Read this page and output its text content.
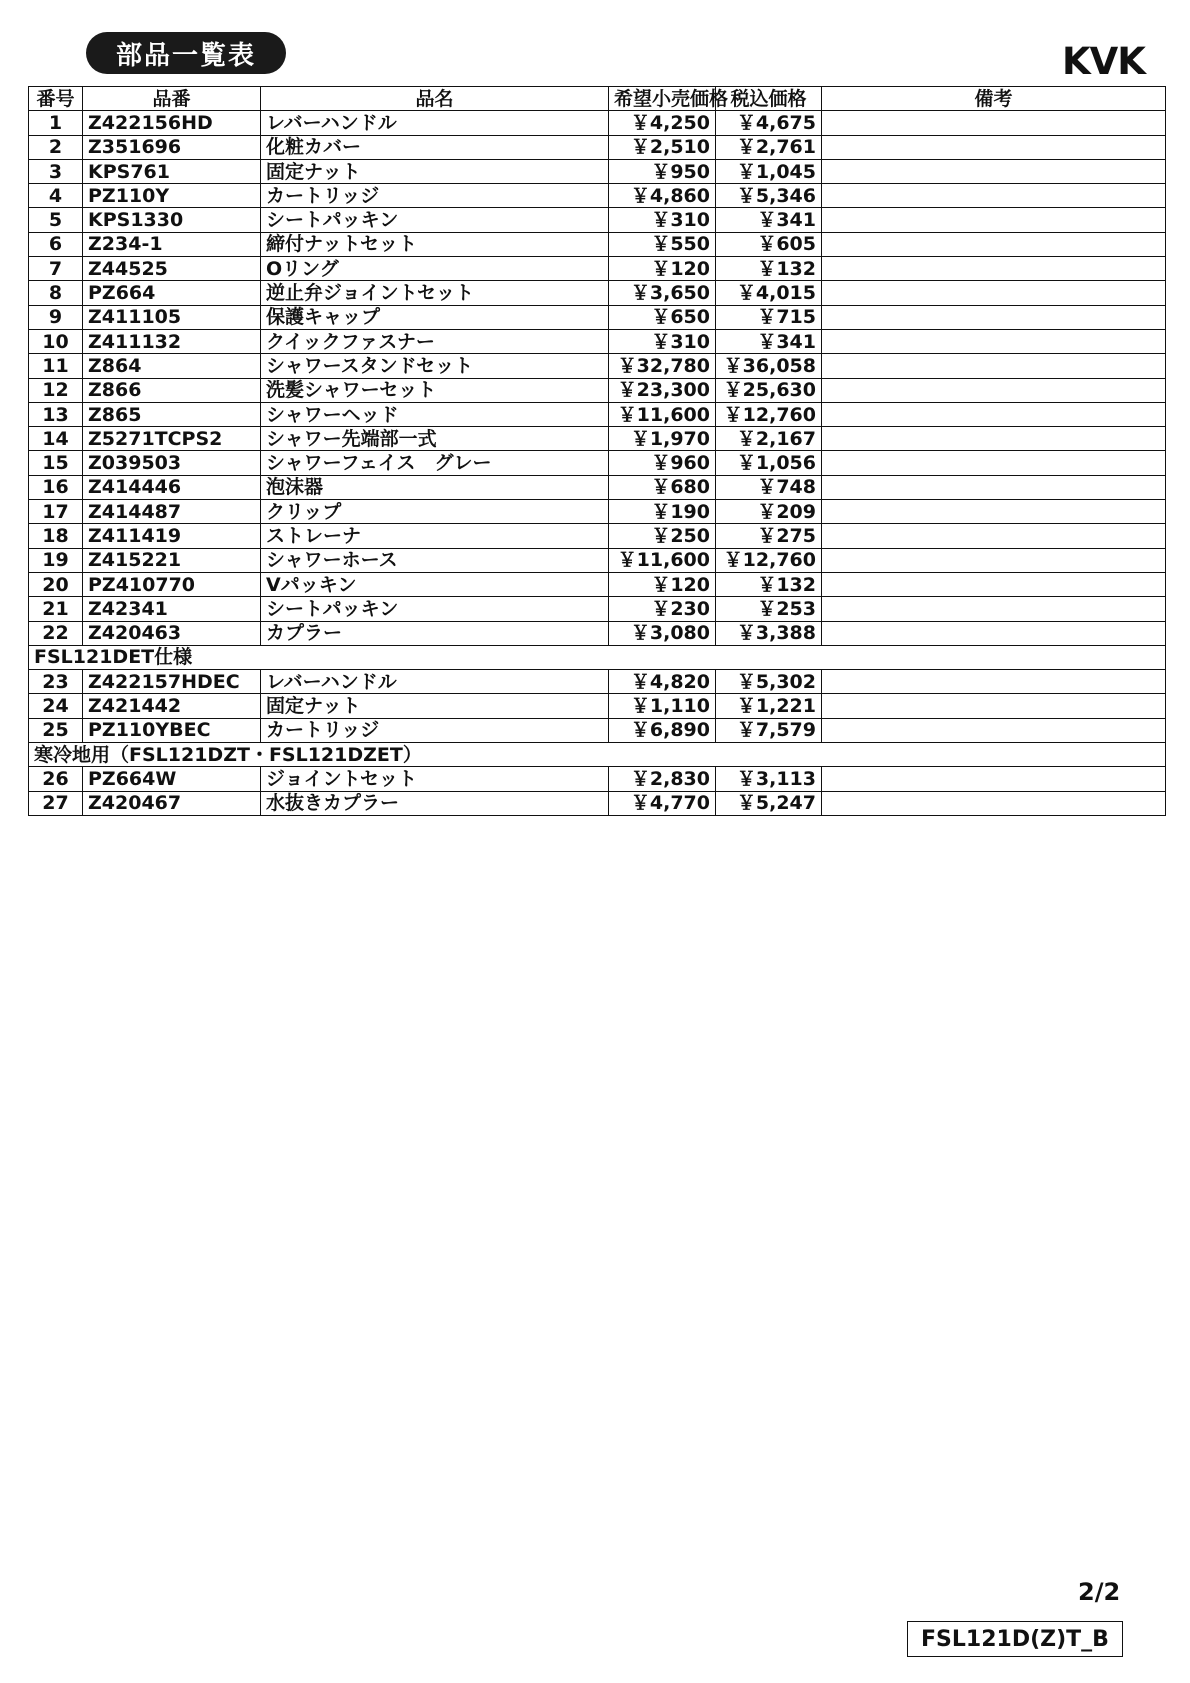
部品一覧表	KVK
番号	品番	品名	希望小売価格	税込価格	備考
1	Z422156HD	レバーハンドル	￥4,250	￥4,675	
2	Z351696	化粧カバー	￥2,510	￥2,761	
3	KPS761	固定ナット	￥950	￥1,045	
4	PZ110Y	カートリッジ	￥4,860	￥5,346	
5	KPS1330	シートパッキン	￥310	￥341	
6	Z234-1	締付ナットセット	￥550	￥605	
7	Z44525	Oリング	￥120	￥132	
8	PZ664	逆止弁ジョイントセット	￥3,650	￥4,015	
9	Z411105	保護キャップ	￥650	￥715	
10	Z411132	クイックファスナー	￥310	￥341	
11	Z864	シャワースタンドセット	￥32,780	￥36,058	
12	Z866	洗髪シャワーセット	￥23,300	￥25,630	
13	Z865	シャワーヘッド	￥11,600	￥12,760	
14	Z5271TCPS2	シャワー先端部一式	￥1,970	￥2,167	
15	Z039503	シャワーフェイス　グレー	￥960	￥1,056	
16	Z414446	泡沫器	￥680	￥748	
17	Z414487	クリップ	￥190	￥209	
18	Z411419	ストレーナ	￥250	￥275	
19	Z415221	シャワーホース	￥11,600	￥12,760	
20	PZ410770	Vパッキン	￥120	￥132	
21	Z42341	シートパッキン	￥230	￥253	
22	Z420463	カプラー	￥3,080	￥3,388	
FSL121DET仕様					
23	Z422157HDEC	レバーハンドル	￥4,820	￥5,302	
24	Z421442	固定ナット	￥1,110	￥1,221	
25	PZ110YBEC	カートリッジ	￥6,890	￥7,579	
寒冷地用（FSL121DZT・FSL121DZET）					
26	PZ664W	ジョイントセット	￥2,830	￥3,113	
27	Z420467	水抜きカプラー	￥4,770	￥5,247	
2/2
FSL121D(Z)T_B
